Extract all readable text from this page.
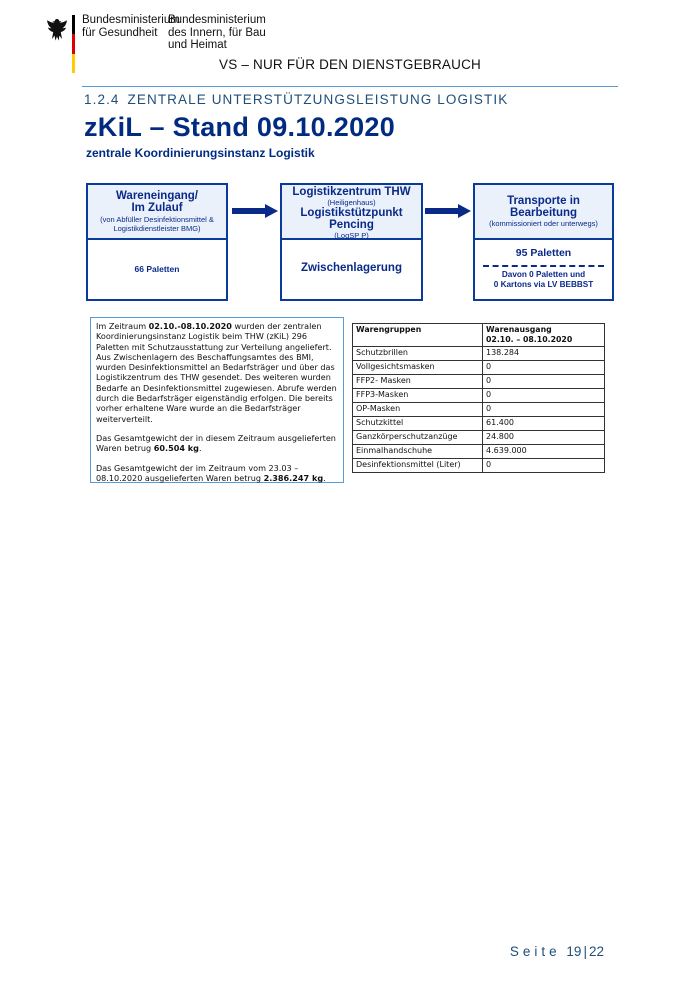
Bundesministerium
für Gesundheit
Bundesministerium
des Innern, für Bau
und Heimat
VS – NUR FÜR DEN DIENSTGEBRAUCH
1.2.4 ZENTRALE UNTERSTÜTZUNGSLEISTUNG LOGISTIK
zKiL – Stand 09.10.2020
zentrale Koordinierungsinstanz Logistik
Wareneingang/
Im Zulauf
(von Abfüller Desinfektionsmittel & Logistikdienstleister BMG)
66 Paletten
Logistikzentrum THW
(Heiligenhaus)
Logistikstützpunkt
Pencing
(LogSP P)
Zwischenlagerung
Transporte in
Bearbeitung
(kommissioniert oder unterwegs)
95 Paletten
Davon 0 Paletten und
0 Kartons via LV BEBBST

Im Zeitraum 02.10.-08.10.2020 wurden der zentralen Koordinierungsinstanz Logistik beim THW (zKiL) 296 Paletten mit Schutzausstattung zur Verteilung angeliefert. Aus Zwischenlagern des Beschaffungsamtes des BMI, wurden Desinfektionsmittel an Bedarfsträger und über das Logistikzentrum des THW gesendet. Des weiteren wurden Bedarfe an Desinfektionsmittel zugewiesen. Abrufe werden durch die Bedarfsträger eigenständig erfolgen. Die bereits vorher erhaltene Ware wurde an die Bedarfsträger weiterverteilt.

Das Gesamtgewicht der in diesem Zeitraum ausgelieferten Waren betrug 60.504 kg.

Das Gesamtgewicht der im Zeitraum vom 23.03 – 08.10.2020 ausgelieferten Waren betrug 2.386.247 kg.

Warengruppen	Warenausgang
02.10. – 08.10.2020

Schutzbrillen	138.284
Vollgesichtsmasken	0
FFP2- Masken	0
FFP3-Masken	0
OP-Masken	0
Schutzkittel	61.400
Ganzkörperschutzanzüge	24.800
Einmalhandschuhe	4.639.000
Desinfektionsmittel (Liter)	0
Seite 19 | 22
